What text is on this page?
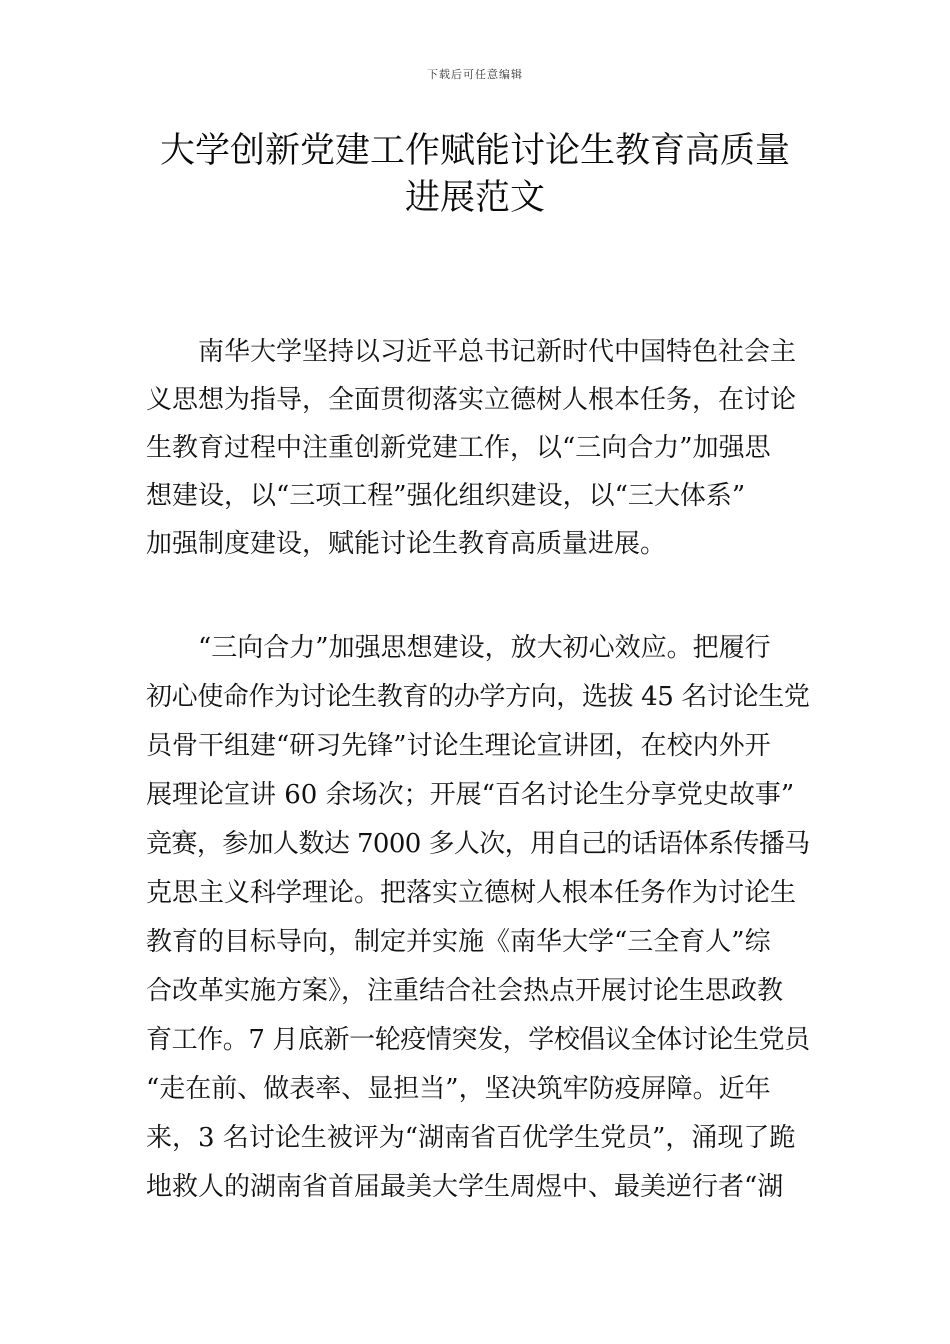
下载后可任意编辑
大学创新党建工作赋能讨论生教育高质量
进展范文
南华大学坚持以习近平总书记新时代中国特色社会主
义思想为指导，全面贯彻落实立德树人根本任务，在讨论
生教育过程中注重创新党建工作，以“三向合力”加强思
想建设，以“三项工程”强化组织建设，以“三大体系”
加强制度建设，赋能讨论生教育高质量进展。
“三向合力”加强思想建设，放大初心效应。把履行
初心使命作为讨论生教育的办学方向，选拔 45 名讨论生党
员骨干组建“研习先锋”讨论生理论宣讲团，在校内外开
展理论宣讲 60 余场次；开展“百名讨论生分享党史故事”
竞赛，参加人数达 7000 多人次，用自己的话语体系传播马
克思主义科学理论。把落实立德树人根本任务作为讨论生
教育的目标导向，制定并实施《南华大学“三全育人”综
合改革实施方案》，注重结合社会热点开展讨论生思政教
育工作。7 月底新一轮疫情突发，学校倡议全体讨论生党员
“走在前、做表率、显担当”，坚决筑牢防疫屏障。近年
来，3 名讨论生被评为“湖南省百优学生党员”，涌现了跪
地救人的湖南省首届最美大学生周煜中、最美逆行者“湖
